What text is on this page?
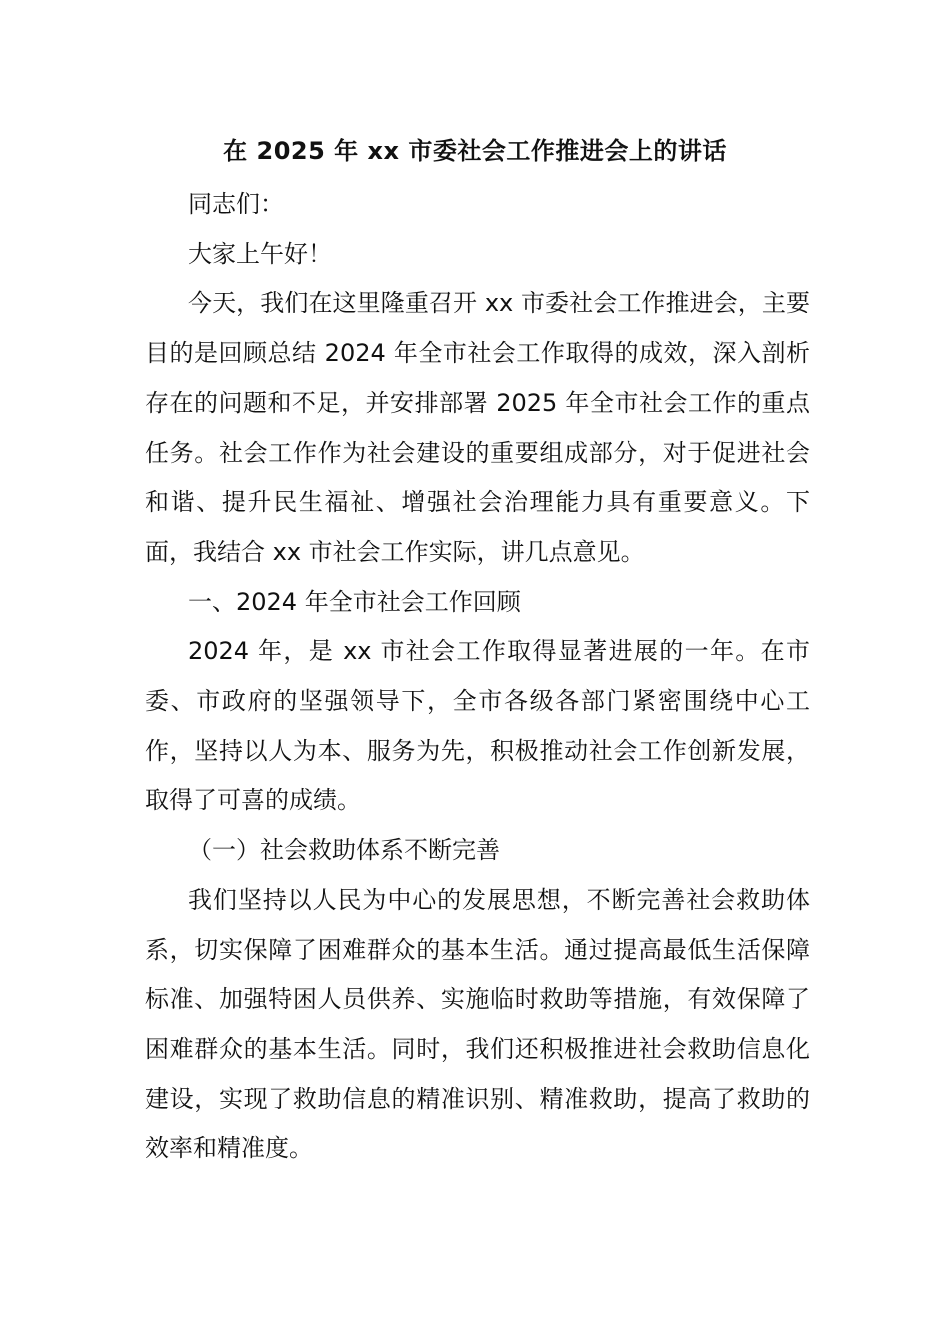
在 2025 年 xx 市委社会工作推进会上的讲话

同志们：

大家上午好！

今天，我们在这里隆重召开 xx 市委社会工作推进会，主要目的是回顾总结 2024 年全市社会工作取得的成效，深入剖析存在的问题和不足，并安排部署 2025 年全市社会工作的重点任务。社会工作作为社会建设的重要组成部分，对于促进社会和谐、提升民生福祉、增强社会治理能力具有重要意义。下面，我结合 xx 市社会工作实际，讲几点意见。

一、2024 年全市社会工作回顾

2024 年，是 xx 市社会工作取得显著进展的一年。在市委、市政府的坚强领导下，全市各级各部门紧密围绕中心工作，坚持以人为本、服务为先，积极推动社会工作创新发展，取得了可喜的成绩。

（一）社会救助体系不断完善

我们坚持以人民为中心的发展思想，不断完善社会救助体系，切实保障了困难群众的基本生活。通过提高最低生活保障标准、加强特困人员供养、实施临时救助等措施，有效保障了困难群众的基本生活。同时，我们还积极推进社会救助信息化建设，实现了救助信息的精准识别、精准救助，提高了救助的效率和精准度。
